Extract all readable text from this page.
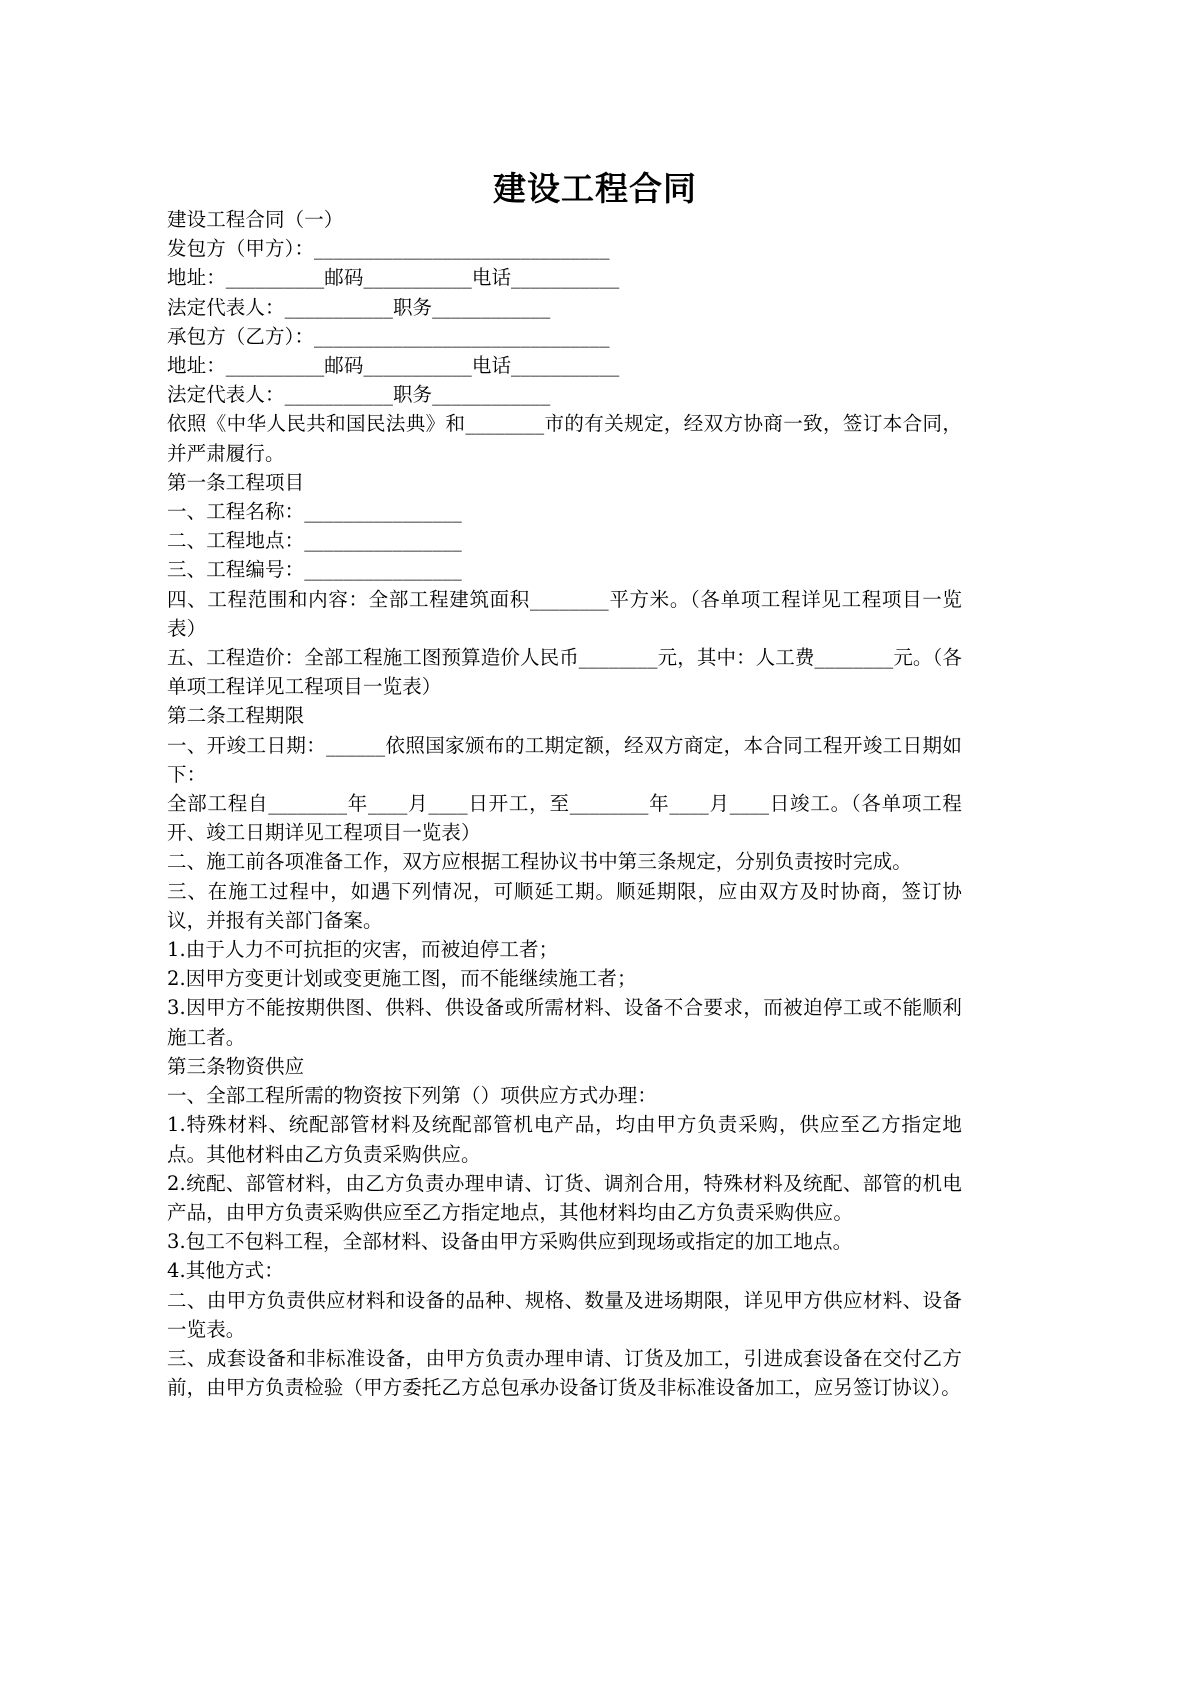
建设工程合同
建设工程合同（一）
发包方（甲方）：______________________________
地址：__________邮码___________电话___________
法定代表人：___________职务____________
承包方（乙方）：______________________________
地址：__________邮码___________电话___________
法定代表人：___________职务____________
依照《中华人民共和国民法典》和________市的有关规定，经双方协商一致，签订本合同，并严肃履行。
第一条工程项目
一、工程名称：________________
二、工程地点：________________
三、工程编号：________________
四、工程范围和内容：全部工程建筑面积________平方米。（各单项工程详见工程项目一览表）
五、工程造价：全部工程施工图预算造价人民币________元，其中：人工费________元。（各单项工程详见工程项目一览表）
第二条工程期限
一、开竣工日期：______依照国家颁布的工期定额，经双方商定，本合同工程开竣工日期如下：
全部工程自________年____月____日开工，至________年____月____日竣工。（各单项工程开、竣工日期详见工程项目一览表）
二、施工前各项准备工作，双方应根据工程协议书中第三条规定，分别负责按时完成。
三、在施工过程中，如遇下列情况，可顺延工期。顺延期限，应由双方及时协商，签订协议，并报有关部门备案。
1.由于人力不可抗拒的灾害，而被迫停工者；
2.因甲方变更计划或变更施工图，而不能继续施工者；
3.因甲方不能按期供图、供料、供设备或所需材料、设备不合要求，而被迫停工或不能顺利施工者。
第三条物资供应
一、全部工程所需的物资按下列第（）项供应方式办理：
1.特殊材料、统配部管材料及统配部管机电产品，均由甲方负责采购，供应至乙方指定地点。其他材料由乙方负责采购供应。
2.统配、部管材料，由乙方负责办理申请、订货、调剂合用，特殊材料及统配、部管的机电产品，由甲方负责采购供应至乙方指定地点，其他材料均由乙方负责采购供应。
3.包工不包料工程，全部材料、设备由甲方采购供应到现场或指定的加工地点。
4.其他方式：
二、由甲方负责供应材料和设备的品种、规格、数量及进场期限，详见甲方供应材料、设备一览表。
三、成套设备和非标准设备，由甲方负责办理申请、订货及加工，引进成套设备在交付乙方前，由甲方负责检验（甲方委托乙方总包承办设备订货及非标准设备加工，应另签订协议）。
